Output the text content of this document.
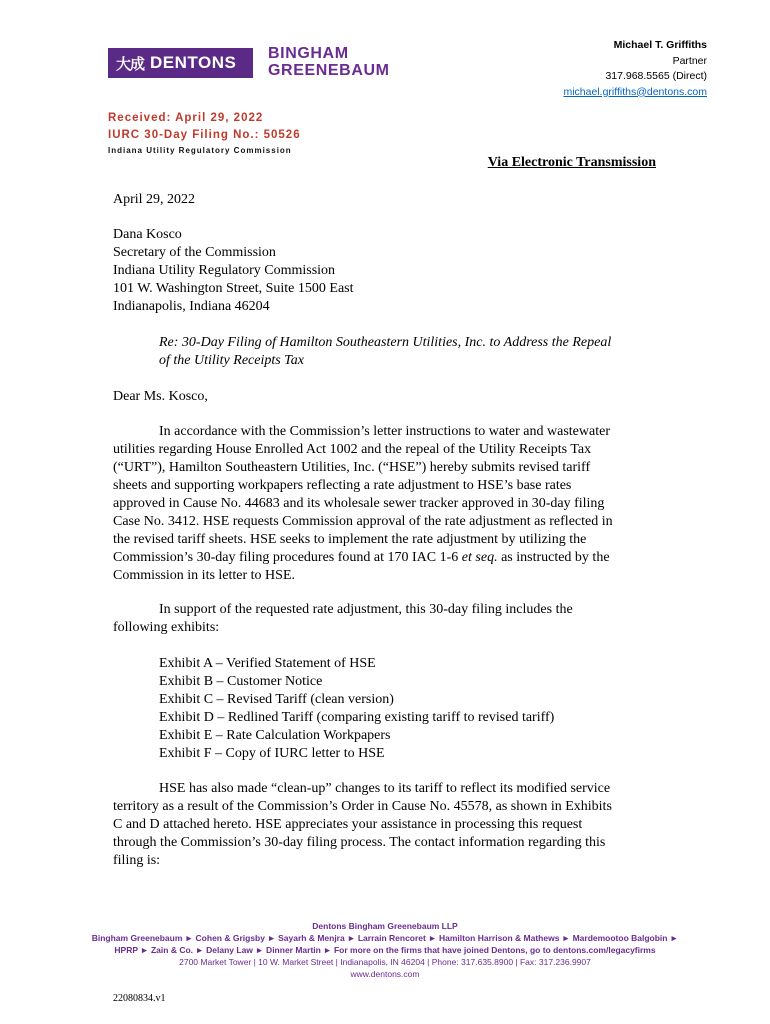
大成 DENTONS BINGHAM
GREENEBAUM
Michael T. Griffiths
Partner
317.968.5565 (Direct)
michael.griffiths@dentons.com
Received: April 29, 2022
IURC 30-Day Filing No.: 50526
Indiana Utility Regulatory Commission
Via Electronic Transmission
April 29, 2022
Dana Kosco
Secretary of the Commission
Indiana Utility Regulatory Commission
101 W. Washington Street, Suite 1500 East
Indianapolis, Indiana 46204
Re: 30-Day Filing of Hamilton Southeastern Utilities, Inc. to Address the Repeal
of the Utility Receipts Tax
Dear Ms. Kosco,
In accordance with the Commission’s letter instructions to water and wastewater
utilities regarding House Enrolled Act 1002 and the repeal of the Utility Receipts Tax
(“URT”), Hamilton Southeastern Utilities, Inc. (“HSE”) hereby submits revised tariff
sheets and supporting workpapers reflecting a rate adjustment to HSE’s base rates
approved in Cause No. 44683 and its wholesale sewer tracker approved in 30-day filing
Case No. 3412. HSE requests Commission approval of the rate adjustment as reflected in
the revised tariff sheets. HSE seeks to implement the rate adjustment by utilizing the
Commission’s 30-day filing procedures found at 170 IAC 1-6 et seq. as instructed by the
Commission in its letter to HSE.
In support of the requested rate adjustment, this 30-day filing includes the
following exhibits:
Exhibit A – Verified Statement of HSE
Exhibit B – Customer Notice
Exhibit C – Revised Tariff (clean version)
Exhibit D – Redlined Tariff (comparing existing tariff to revised tariff)
Exhibit E – Rate Calculation Workpapers
Exhibit F – Copy of IURC letter to HSE
HSE has also made “clean-up” changes to its tariff to reflect its modified service
territory as a result of the Commission’s Order in Cause No. 45578, as shown in Exhibits
C and D attached hereto. HSE appreciates your assistance in processing this request
through the Commission’s 30-day filing process. The contact information regarding this
filing is:
Dentons Bingham Greenebaum LLP
Bingham Greenebaum ► Cohen & Grigsby ► Sayarh & Menjra ► Larrain Rencoret ► Hamilton Harrison & Mathews ► Mardemootoo Balgobin ►
HPRP ► Zain & Co. ► Delany Law ► Dinner Martin ► For more on the firms that have joined Dentons, go to dentons.com/legacyfirms
2700 Market Tower | 10 W. Market Street | Indianapolis, IN 46204 | Phone: 317.635.8900 | Fax: 317.236.9907
www.dentons.com
22080834.v1
